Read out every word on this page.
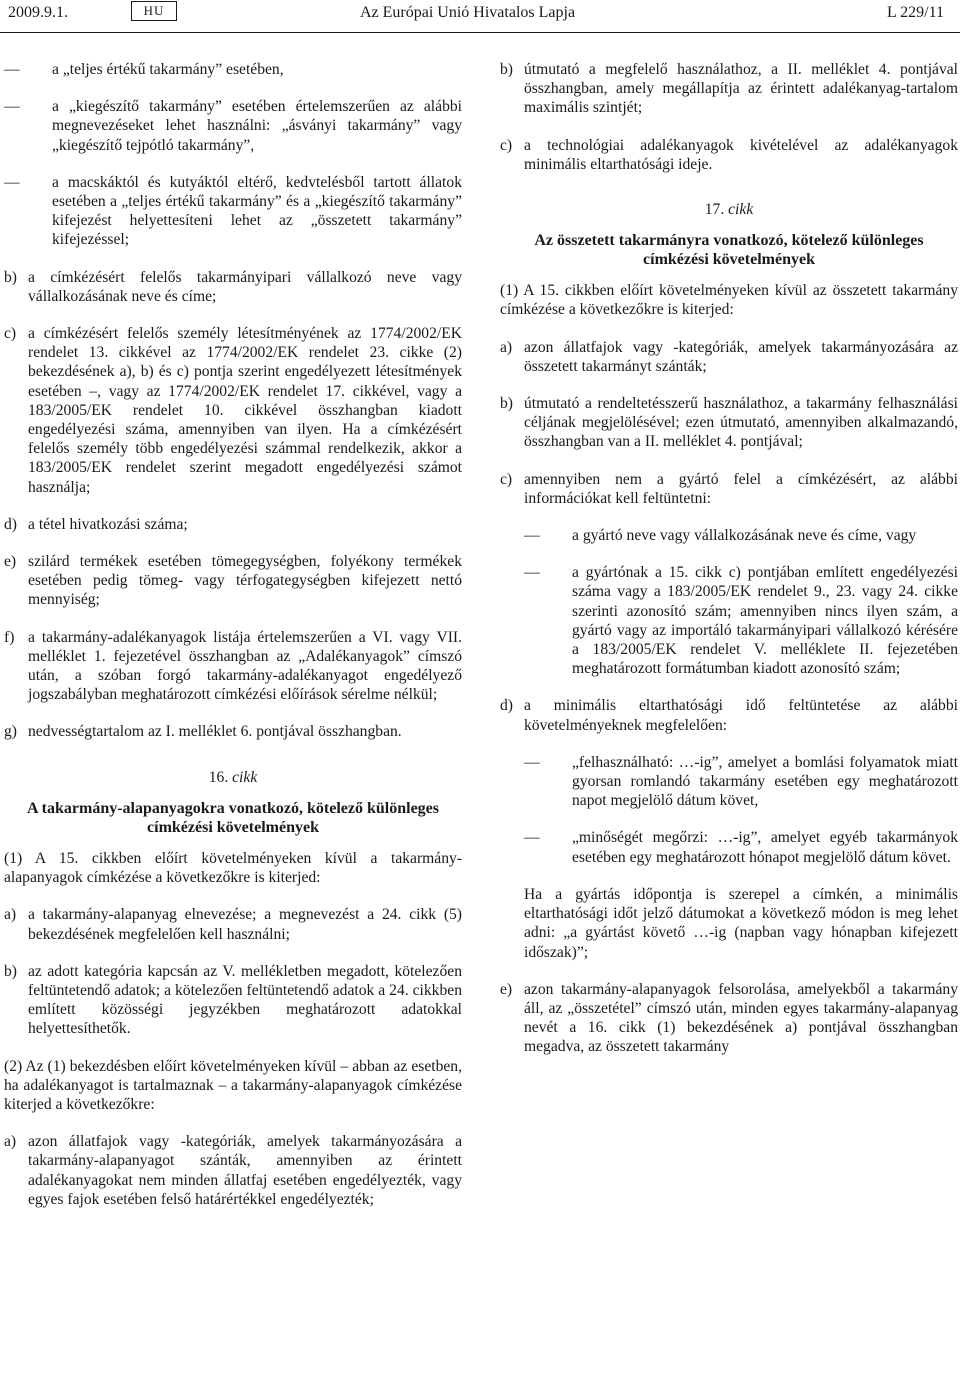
2009.9.1.	HU	Az Európai Unió Hivatalos Lapja	L 229/11

— a „teljes értékű takarmány” esetében,

— a „kiegészítő takarmány” esetében értelemszerűen az alábbi megnevezéseket lehet használni: „ásványi takarmány” vagy „kiegészítő tejpótló takarmány”,

— a macskáktól és kutyáktól eltérő, kedvtelésből tartott állatok esetében a „teljes értékű takarmány” és a „kiegészítő takarmány” kifejezést helyettesíteni lehet az „összetett takarmány” kifejezéssel;

b) a címkézésért felelős takarmányipari vállalkozó neve vagy vállalkozásának neve és címe;

c) a címkézésért felelős személy létesítményének az 1774/2002/EK rendelet 13. cikkével az 1774/2002/EK rendelet 23. cikke (2) bekezdésének a), b) és c) pontja szerint engedélyezett létesítmények esetében –, vagy az 1774/2002/EK rendelet 17. cikkével, vagy a 183/2005/EK rendelet 10. cikkével összhangban kiadott engedélyezési száma, amennyiben van ilyen. Ha a címkézésért felelős személy több engedélyezési számmal rendelkezik, akkor a 183/2005/EK rendelet szerint megadott engedélyezési számot használja;

d) a tétel hivatkozási száma;

e) szilárd termékek esetében tömegegységben, folyékony termékek esetében pedig tömeg- vagy térfogategységben kifejezett nettó mennyiség;

f) a takarmány-adalékanyagok listája értelemszerűen a VI. vagy VII. melléklet 1. fejezetével összhangban az „Adalékanyagok” címszó után, a szóban forgó takarmány-adalékanyagot engedélyező jogszabályban meghatározott címkézési előírások sérelme nélkül;

g) nedvességtartalom az I. melléklet 6. pontjával összhangban.

16. cikk

A takarmány-alapanyagokra vonatkozó, kötelező különleges címkézési követelmények

(1) A 15. cikkben előírt követelményeken kívül a takarmány-alapanyagok címkézése a következőkre is kiterjed:

a) a takarmány-alapanyag elnevezése; a megnevezést a 24. cikk (5) bekezdésének megfelelően kell használni;

b) az adott kategória kapcsán az V. mellékletben megadott, kötelezően feltüntetendő adatok; a kötelezően feltüntetendő adatok a 24. cikkben említett közösségi jegyzékben meghatározott adatokkal helyettesíthetők.

(2) Az (1) bekezdésben előírt követelményeken kívül – abban az esetben, ha adalékanyagot is tartalmaznak – a takarmány-alapanyagok címkézése kiterjed a következőkre:

a) azon állatfajok vagy -kategóriák, amelyek takarmányozására a takarmány-alapanyagot szánták, amennyiben az érintett adalékanyagokat nem minden állatfaj esetében engedélyezték, vagy egyes fajok esetében felső határértékkel engedélyezték;

b) útmutató a megfelelő használathoz, a II. melléklet 4. pontjával összhangban, amely megállapítja az érintett adalékanyag-tartalom maximális szintjét;

c) a technológiai adalékanyagok kivételével az adalékanyagok minimális eltarthatósági ideje.

17. cikk

Az összetett takarmányra vonatkozó, kötelező különleges címkézési követelmények

(1) A 15. cikkben előírt követelményeken kívül az összetett takarmány címkézése a következőkre is kiterjed:

a) azon állatfajok vagy -kategóriák, amelyek takarmányozására az összetett takarmányt szánták;

b) útmutató a rendeltetésszerű használathoz, a takarmány felhasználási céljának megjelölésével; ezen útmutató, amennyiben alkalmazandó, összhangban van a II. melléklet 4. pontjával;

c) amennyiben nem a gyártó felel a címkézésért, az alábbi információkat kell feltüntetni:

— a gyártó neve vagy vállalkozásának neve és címe, vagy

— a gyártónak a 15. cikk c) pontjában említett engedélyezési száma vagy a 183/2005/EK rendelet 9., 23. vagy 24. cikke szerinti azonosító szám; amennyiben nincs ilyen szám, a gyártó vagy az importáló takarmányipari vállalkozó kérésére a 183/2005/EK rendelet V. melléklete II. fejezetében meghatározott formátumban kiadott azonosító szám;

d) a minimális eltarthatósági idő feltüntetése az alábbi követelményeknek megfelelően:

— „felhasználható: …-ig”, amelyet a bomlási folyamatok miatt gyorsan romlandó takarmány esetében egy meghatározott napot megjelölő dátum követ,

— „minőségét megőrzi: …-ig”, amelyet egyéb takarmányok esetében egy meghatározott hónapot megjelölő dátum követ.

Ha a gyártás időpontja is szerepel a címkén, a minimális eltarthatósági időt jelző dátumokat a következő módon is meg lehet adni: „a gyártást követő …-ig (napban vagy hónapban kifejezett időszak)”;

e) azon takarmány-alapanyagok felsorolása, amelyekből a takarmány áll, az „összetétel” címszó után, minden egyes takarmány-alapanyag nevét a 16. cikk (1) bekezdésének a) pontjával összhangban megadva, az összetett takarmány
